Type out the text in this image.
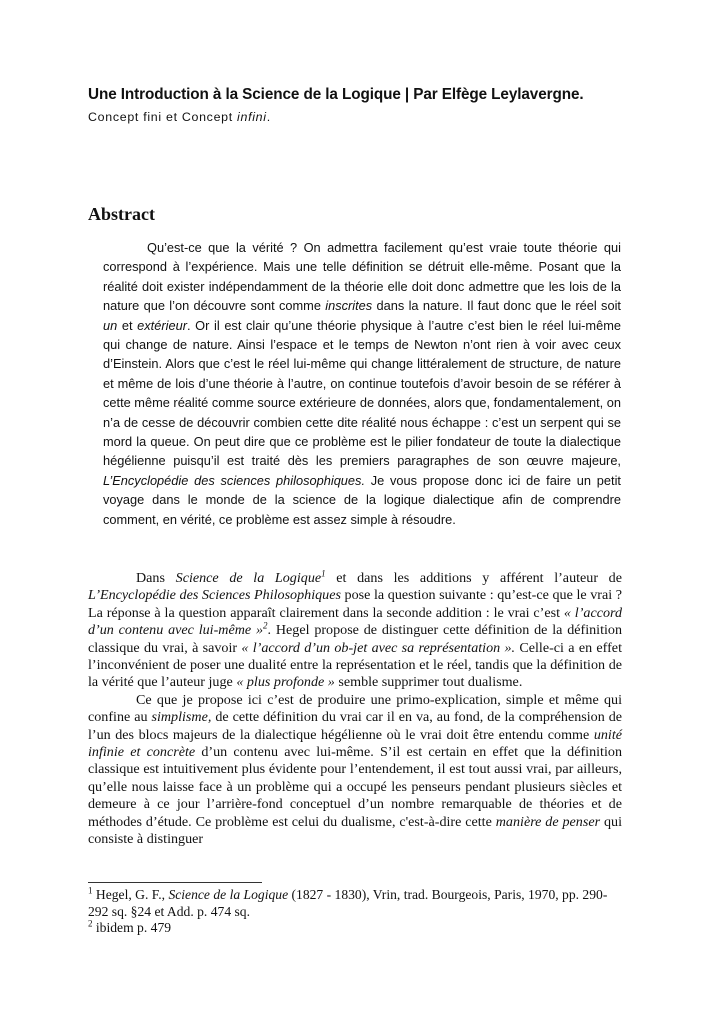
Une Introduction à la Science de la Logique | Par Elfège Leylavergne.
Concept fini et Concept infini.
Abstract

Qu’est-ce que la vérité ? On admettra facilement qu’est vraie toute théorie qui correspond à l’expérience. Mais une telle définition se détruit elle-même. Posant que la réalité doit exister indépendamment de la théorie elle doit donc admettre que les lois de la nature que l’on découvre sont comme inscrites dans la nature. Il faut donc que le réel soit un et extérieur. Or il est clair qu’une théorie physique à l’autre c’est bien le réel lui-même qui change de nature. Ainsi l’espace et le temps de Newton n’ont rien à voir avec ceux d’Einstein. Alors que c’est le réel lui-même qui change littéralement de structure, de nature et même de lois d’une théorie à l’autre, on continue toutefois d’avoir besoin de se référer à cette même réalité comme source extérieure de données, alors que, fondamentalement, on n’a de cesse de découvrir combien cette dite réalité nous échappe : c’est un serpent qui se mord la queue. On peut dire que ce problème est le pilier fondateur de toute la dialectique hégélienne puisqu’il est traité dès les premiers paragraphes de son œuvre majeure, L’Encyclopédie des sciences philosophiques. Je vous propose donc ici de faire un petit voyage dans le monde de la science de la logique dialectique afin de comprendre comment, en vérité, ce problème est assez simple à résoudre.

Dans Science de la Logique$^1$ et dans les additions y afférent l’auteur de L’Encyclopédie des Sciences Philosophiques pose la question suivante : qu’est-ce que le vrai ? La réponse à la question apparaît clairement dans la seconde addition : le vrai c’est « l’accord d’un contenu avec lui-même »$^2$. Hegel propose de distinguer cette définition de la définition classique du vrai, à savoir « l’accord d’un ob-jet avec sa représentation ». Celle-ci a en effet l’inconvénient de poser une dualité entre la représentation et le réel, tandis que la définition de la vérité que l’auteur juge « plus profonde » semble supprimer tout dualisme.

Ce que je propose ici c’est de produire une primo-explication, simple et même qui confine au simplisme, de cette définition du vrai car il en va, au fond, de la compréhension de l’un des blocs majeurs de la dialectique hégélienne où le vrai doit être entendu comme unité infinie et concrète d’un contenu avec lui-même. S’il est certain en effet que la définition classique est intuitivement plus évidente pour l’entendement, il est tout aussi vrai, par ailleurs, qu’elle nous laisse face à un problème qui a occupé les penseurs pendant plusieurs siècles et demeure à ce jour l’arrière-fond conceptuel d’un nombre remarquable de théories et de méthodes d’étude. Ce problème est celui du dualisme, c'est-à-dire cette manière de penser qui consiste à distinguer

$^1$ Hegel, G. F., Science de la Logique (1827 - 1830), Vrin, trad. Bourgeois, Paris, 1970, pp. 290-292 sq. §24 et Add. p. 474 sq.

$^2$ ibidem p. 479
